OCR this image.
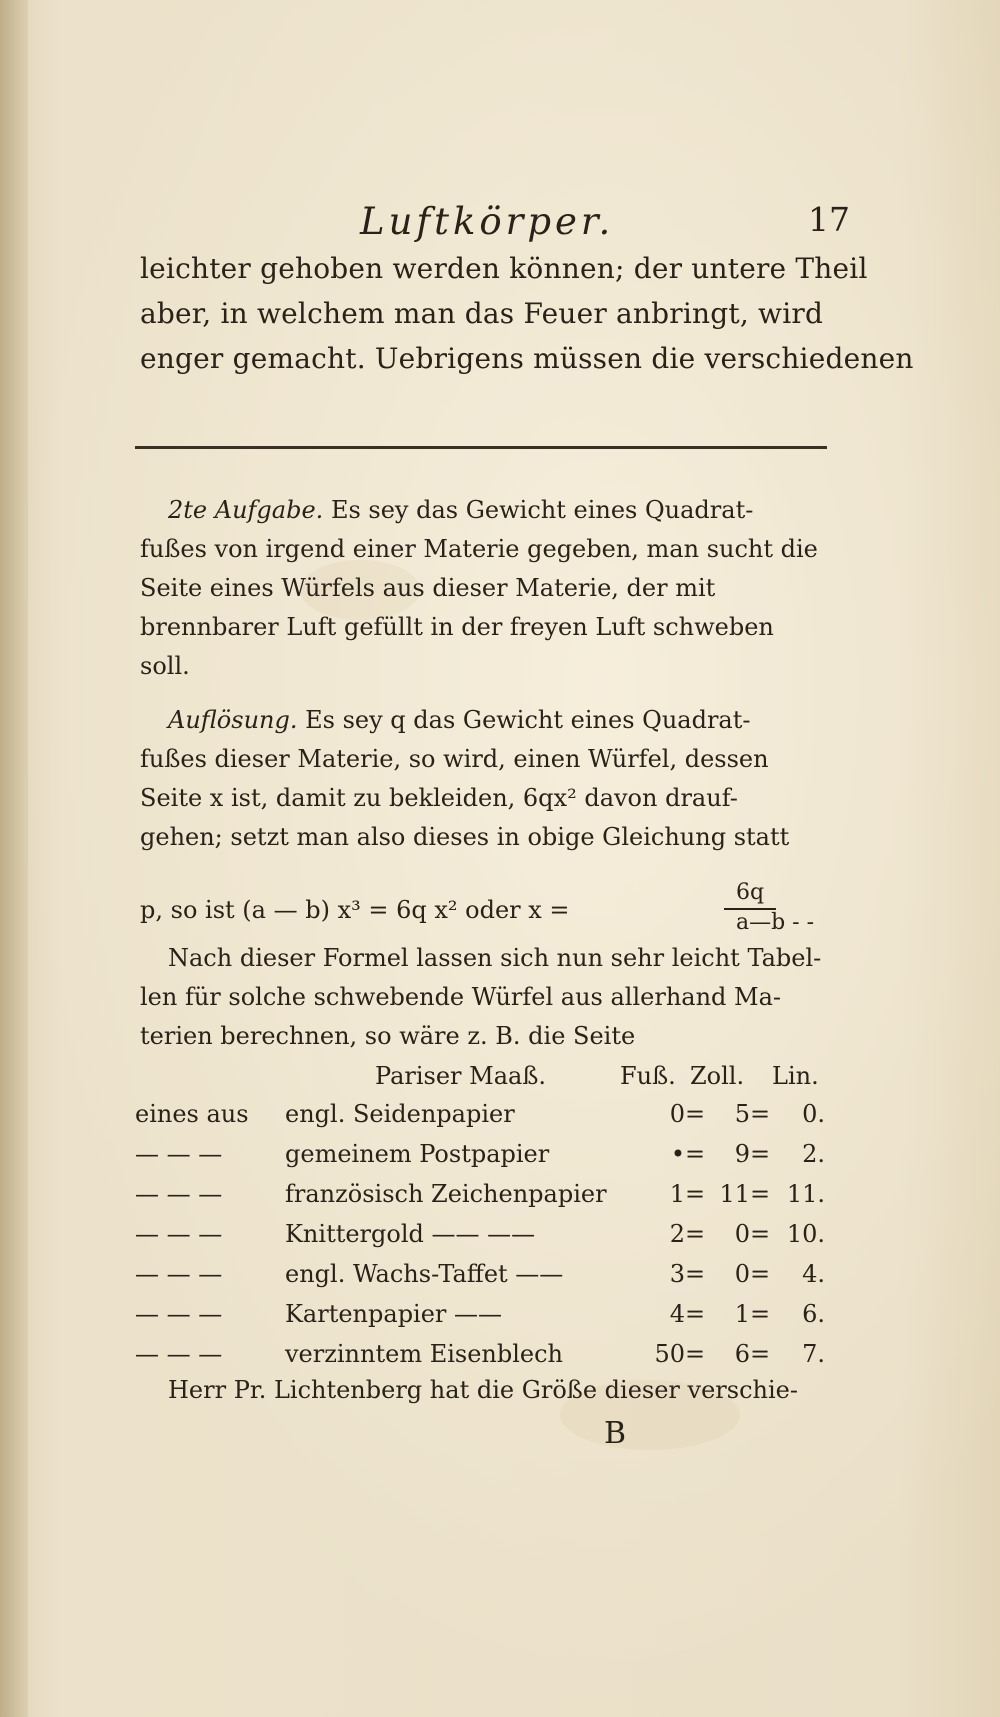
Luftkörper.	17
leichter gehoben werden können; der untere Theil
aber, in welchem man das Feuer anbringt, wird
enger gemacht. Uebrigens müssen die verschiedenen
2te Aufgabe. Es sey das Gewicht eines Quadrat-
fußes von irgend einer Materie gegeben, man sucht die
Seite eines Würfels aus dieser Materie, der mit
brennbarer Luft gefüllt in der freyen Luft schweben
soll.
Auflösung. Es sey q das Gewicht eines Quadrat-
fußes dieser Materie, so wird, einen Würfel, dessen
Seite x ist, damit zu bekleiden, 6qx² davon drauf-
gehen; setzt man also dieses in obige Gleichung statt
p, so ist (a — b) x³ = 6q x² oder x =
6q
a—b - -
Nach dieser Formel lassen sich nun sehr leicht Tabel-
len für solche schwebende Würfel aus allerhand Ma-
terien berechnen, so wäre z. B. die Seite
Pariser Maaß.	Fuß. Zoll. Lin.
eines aus	engl. Seidenpapier	0 =	5 =	0.
— — —	gemeinem Postpapier	• =	9 =	2.
— — —	französisch Zeichenpapier	1 = 11 = 11.
— — —	Knittergold —— ——	2 =	0 = 10.
— — —	engl. Wachs-Taffet ——	3 =	0 =	4.
— — —	Kartenpapier ——	4 =	1 =	6.
— — —	verzinntem Eisenblech	50 =	6 =	7.
Herr Pr. Lichtenberg hat die Größe dieser verschie-
B
